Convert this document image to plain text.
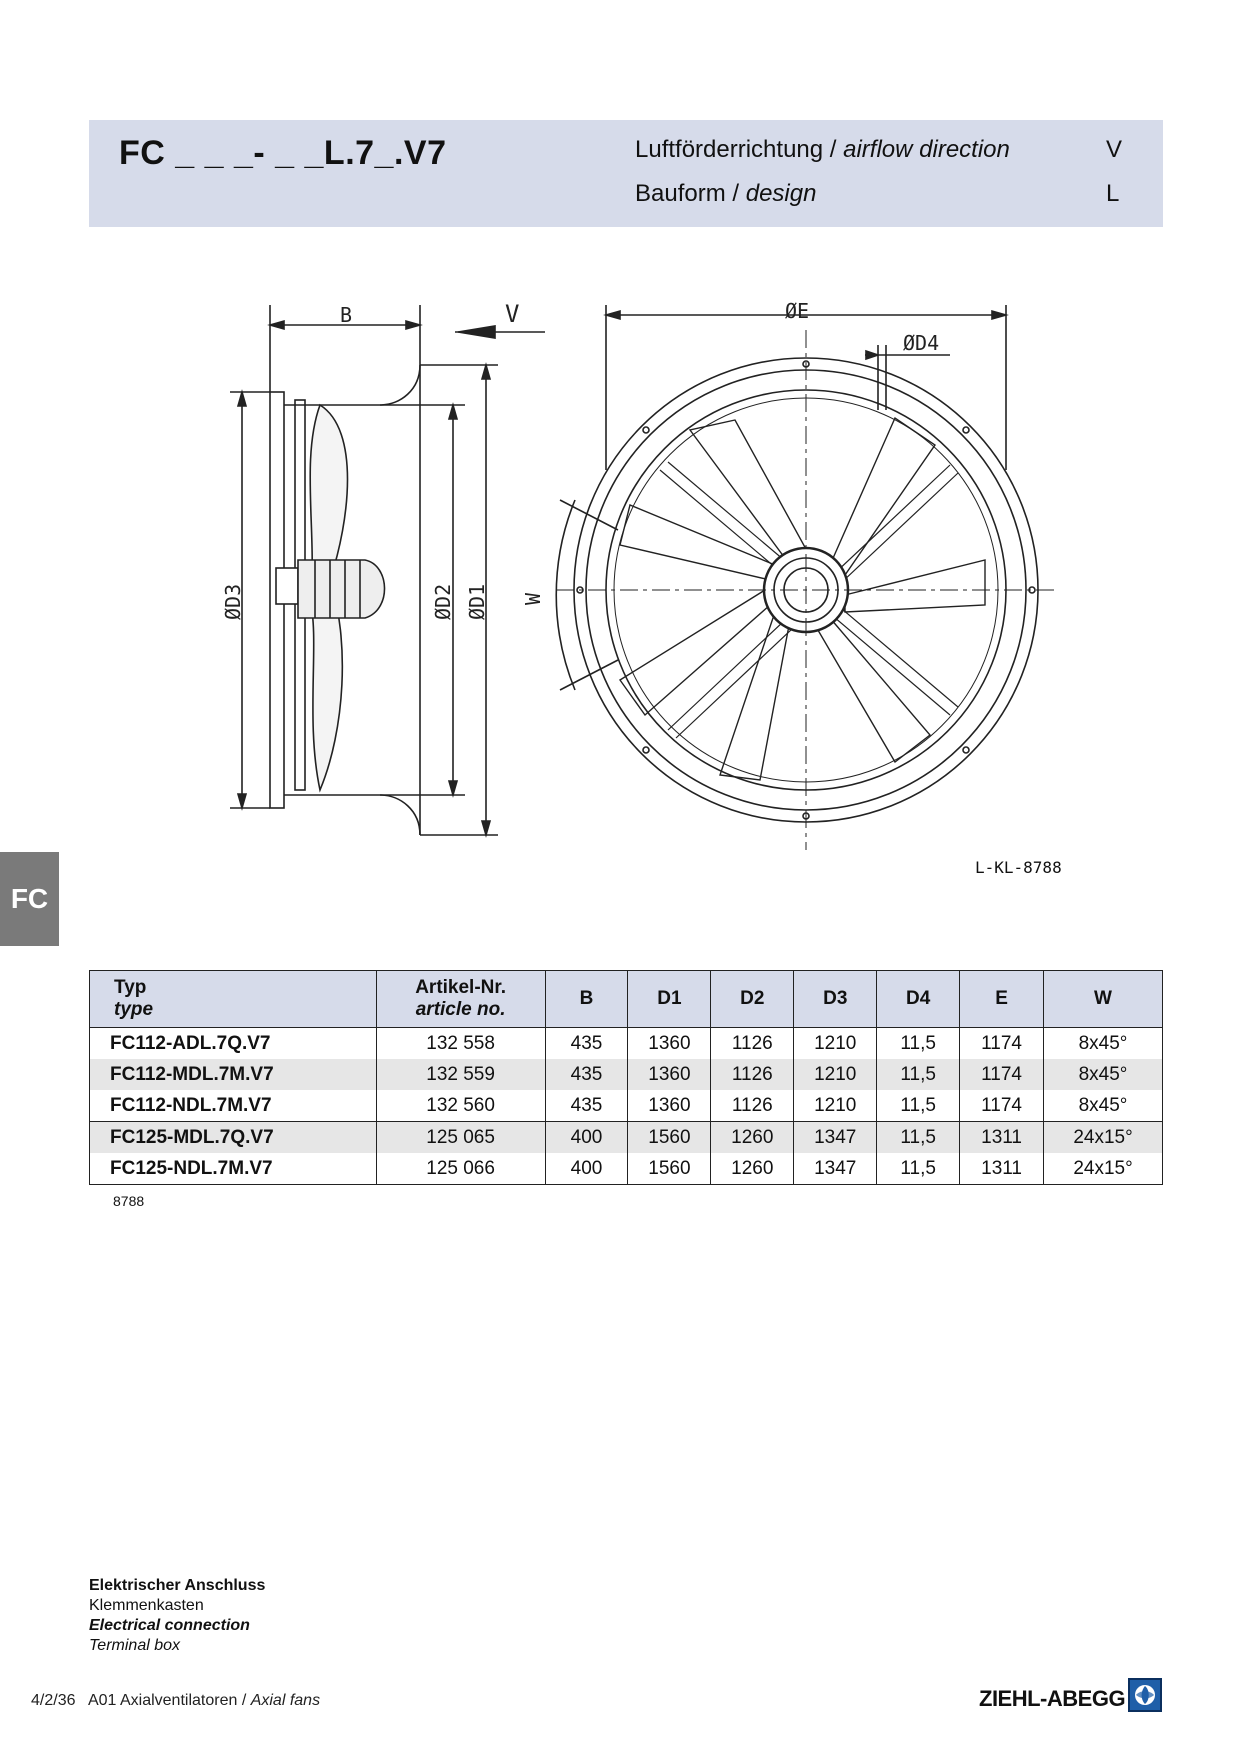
FC _ _ _- _ _L.7_.V7	Luftförderrichtung / airflow direction	V
Bauform / design	L
B	V
ØD3	ØD2 ØD1
ØE
ØD4
W
L-KL-8788
FC
Typ
type	Artikel-Nr.
article no.	B	D1	D2	D3	D4	E	W
FC112-ADL.7Q.V7	132 558	435	1360	1126	1210	11,5	1174	8x45°
FC112-MDL.7M.V7	132 559	435	1360	1126	1210	11,5	1174	8x45°
FC112-NDL.7M.V7	132 560	435	1360	1126	1210	11,5	1174	8x45°
FC125-MDL.7Q.V7	125 065	400	1560	1260	1347	11,5	1311	24x15°
FC125-NDL.7M.V7	125 066	400	1560	1260	1347	11,5	1311	24x15°
8788
Elektrischer Anschluss
Klemmenkasten
Electrical connection
Terminal box
4/2/36 A01 Axialventilatoren / Axial fans	ZIEHL-ABEGG
